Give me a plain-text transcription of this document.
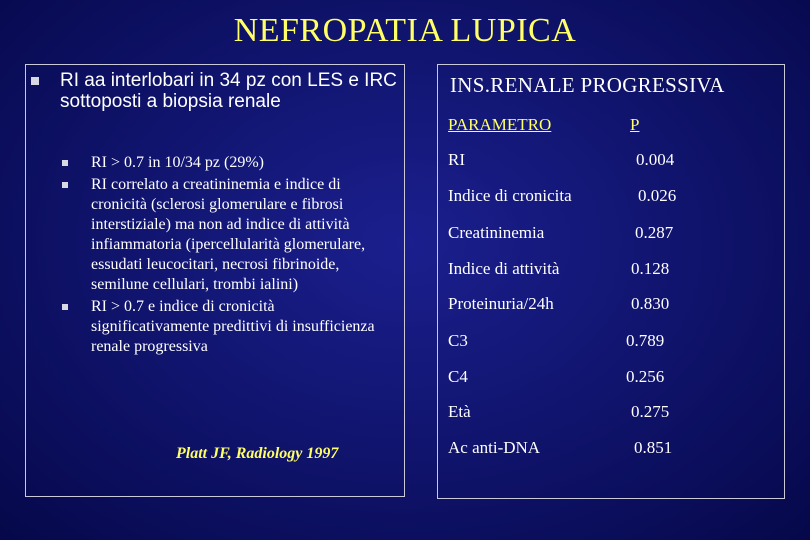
NEFROPATIA LUPICA
RI aa interlobari in 34 pz con LES e IRC sottoposti a biopsia renale
RI > 0.7 in 10/34 pz (29%)
RI correlato a creatininemia e indice di cronicità (sclerosi glomerulare e fibrosi interstiziale) ma non ad indice di attività infiammatoria (ipercellularità glomerulare, essudati leucocitari, necrosi fibrinoide, semilune cellulari, trombi ialini)
RI > 0.7 e indice di cronicità significativamente predittivi di insufficienza renale progressiva
Platt JF, Radiology 1997
INS.RENALE PROGRESSIVA
PARAMETRO	P
RI	0.004
Indice di cronicita	0.026
Creatininemia	0.287
Indice di attività	0.128
Proteinuria/24h	0.830
C3	0.789
C4	0.256
Età	0.275
Ac anti-DNA	0.851
